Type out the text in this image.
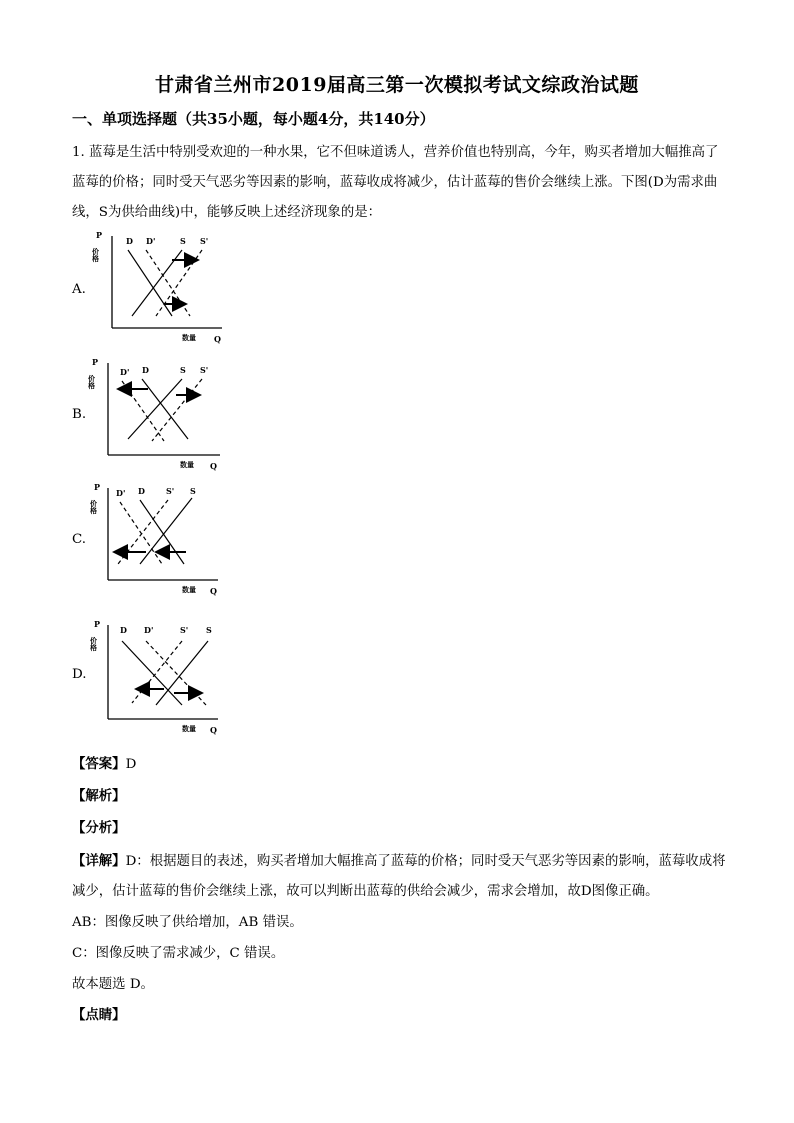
甘肃省兰州市2019届高三第一次模拟考试文综政治试题
一、单项选择题（共35小题，每小题4分，共140分）
1. 蓝莓是生活中特别受欢迎的一种水果，它不但味道诱人，营养价值也特别高，今年，购买者增加大幅推高了蓝莓的价格；同时受天气恶劣等因素的影响，蓝莓收成将减少，估计蓝莓的售价会继续上涨。下图(D为需求曲线，S为供给曲线)中，能够反映上述经济现象的是：
A.
P
价格
数量 Q
D D'	S S'
B.
P
价格
数量 Q
D' D	S S'
C.
P
价格
数量 Q
D' D	S' S
D.
P
价格
数量 Q
D D'	S' S
【答案】D
【解析】
【分析】
【详解】D：根据题目的表述，购买者增加大幅推高了蓝莓的价格；同时受天气恶劣等因素的影响，蓝莓收成将减少，估计蓝莓的售价会继续上涨，故可以判断出蓝莓的供给会减少，需求会增加，故D图像正确。
AB：图像反映了供给增加，AB 错误。
C：图像反映了需求减少，C 错误。
故本题选 D。
【点睛】
